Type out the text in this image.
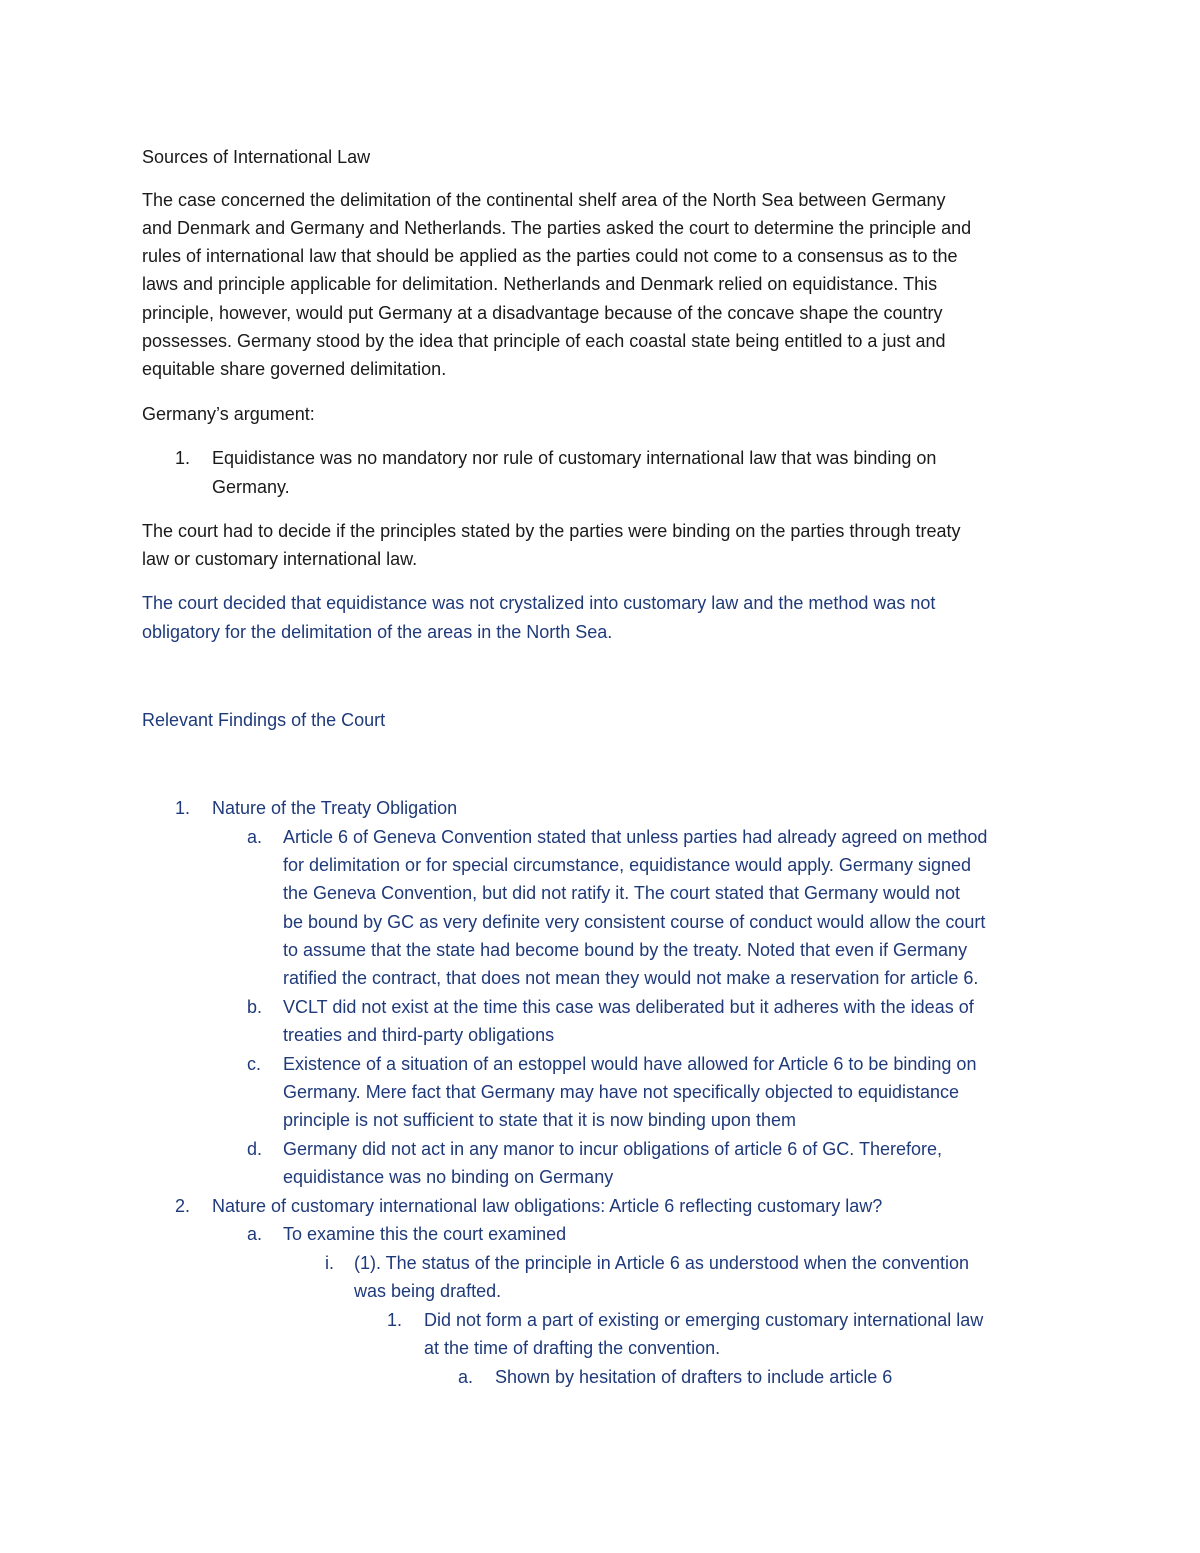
Sources of International Law
The case concerned the delimitation of the continental shelf area of the North Sea between Germany
and Denmark and Germany and Netherlands. The parties asked the court to determine the principle and
rules of international law that should be applied as the parties could not come to a consensus as to the
laws and principle applicable for delimitation. Netherlands and Denmark relied on equidistance. This
principle, however, would put Germany at a disadvantage because of the concave shape the country
possesses. Germany stood by the idea that principle of each coastal state being entitled to a just and
equitable share governed delimitation.
Germany’s argument:
1. Equidistance was no mandatory nor rule of customary international law that was binding on
Germany.
The court had to decide if the principles stated by the parties were binding on the parties through treaty
law or customary international law.
The court decided that equidistance was not crystalized into customary law and the method was not
obligatory for the delimitation of the areas in the North Sea.
Relevant Findings of the Court
1. Nature of the Treaty Obligation
a. Article 6 of Geneva Convention stated that unless parties had already agreed on method
for delimitation or for special circumstance, equidistance would apply. Germany signed
the Geneva Convention, but did not ratify it. The court stated that Germany would not
be bound by GC as very definite very consistent course of conduct would allow the court
to assume that the state had become bound by the treaty. Noted that even if Germany
ratified the contract, that does not mean they would not make a reservation for article 6.
b. VCLT did not exist at the time this case was deliberated but it adheres with the ideas of
treaties and third-party obligations
c. Existence of a situation of an estoppel would have allowed for Article 6 to be binding on
Germany. Mere fact that Germany may have not specifically objected to equidistance
principle is not sufficient to state that it is now binding upon them
d. Germany did not act in any manor to incur obligations of article 6 of GC. Therefore,
equidistance was no binding on Germany
2. Nature of customary international law obligations: Article 6 reflecting customary law?
a. To examine this the court examined
i. (1). The status of the principle in Article 6 as understood when the convention
was being drafted.
1. Did not form a part of existing or emerging customary international law
at the time of drafting the convention.
a. Shown by hesitation of drafters to include article 6
